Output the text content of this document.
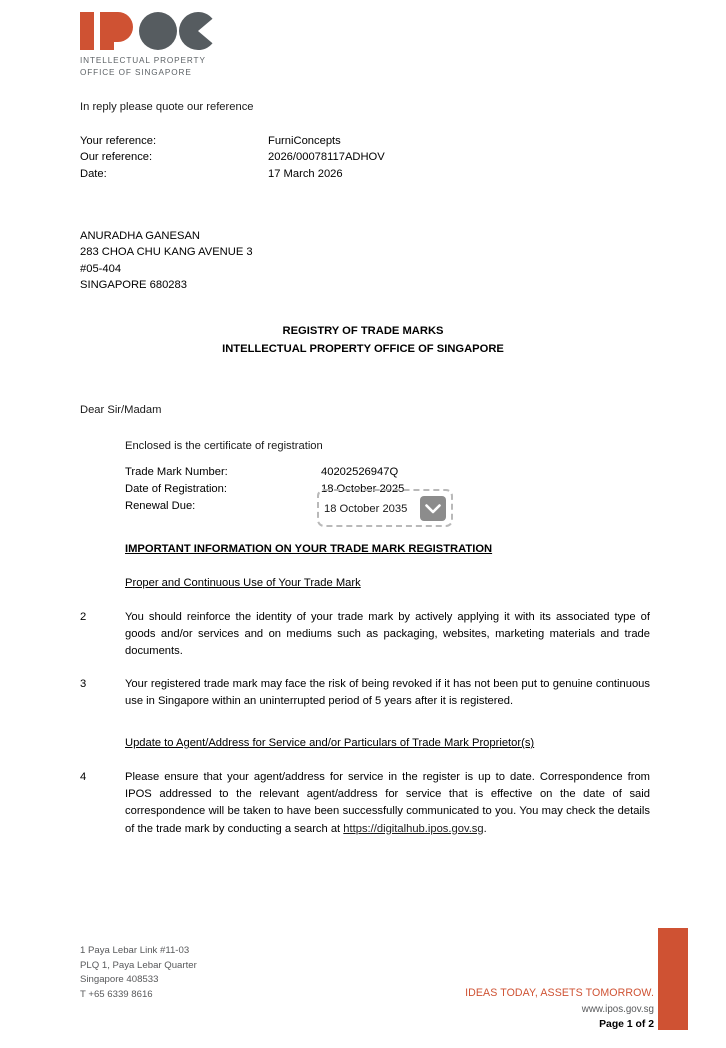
INTELLECTUAL PROPERTY
OFFICE OF SINGAPORE
In reply please quote our reference
Your reference:	FurniConcepts
Our reference:	2026/00078117ADHOV
Date:	17 March 2026
ANURADHA GANESAN
283 CHOA CHU KANG AVENUE 3
#05-404
SINGAPORE 680283
REGISTRY OF TRADE MARKS
INTELLECTUAL PROPERTY OFFICE OF SINGAPORE
Dear Sir/Madam
Enclosed is the certificate of registration
Trade Mark Number:	40202526947Q
Date of Registration:	18 October 2025
Renewal Due:		18 October 2035
IMPORTANT INFORMATION ON YOUR TRADE MARK REGISTRATION
Proper and Continuous Use of Your Trade Mark
Update to Agent/Address for Service and/or Particulars of Trade Mark Proprietor(s)
2	You should reinforce the identity of your trade mark by actively applying it with its associated type of goods and/or services and on mediums such as packaging, websites, marketing materials and trade documents.
3	Your registered trade mark may face the risk of being revoked if it has not been put to genuine continuous use in Singapore within an uninterrupted period of 5 years after it is registered.
4	Please ensure that your agent/address for service in the register is up to date. Correspondence from IPOS addressed to the relevant agent/address for service that is effective on the date of said correspondence will be taken to have been successfully communicated to you. You may check the details of the trade mark by conducting a search at https://digitalhub.ipos.gov.sg.
1 Paya Lebar Link #11-03
PLQ 1, Paya Lebar Quarter
Singapore 408533
T +65 6339 8616	IDEAS TODAY, ASSETS TOMORROW.
www.ipos.gov.sg
Page 1 of 2
